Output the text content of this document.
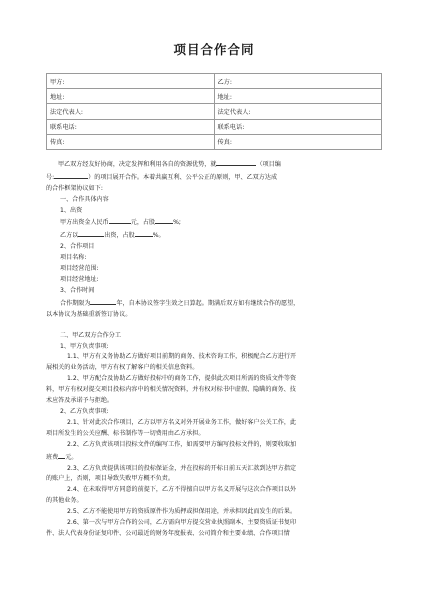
项目合作合同
甲方:	乙方:
地址:	地址:
法定代表人:	法定代表人:
联系电话:	联系电话:
传真:	传真:

甲乙双方经友好协商，决定发挥和利用各自的资源优势，就	（项目编

号:	）的项目展开合作。本着共赢互利、公平公正的原则，甲、乙双方达成

的合作框架协议如下:

一、合作具体内容

1、出资

甲方出资金人民币	元，占股	%;

乙方以	出资，占股	%。

2、合作项目

项目名称:

项目经营范围:

项目经营地址:

3、合作时间

合作期限为	年，自本协议签字生效之日算起。期满后双方如有继续合作的愿望，

以本协议为基础重新签订协议。

二、甲乙双方合作分工

1、甲方负责事项:

1.1、甲方有义务协助乙方做好项目前期的商务、技术咨询工作，积极配合乙方进行开

展相关的业务活动，甲方有权了解客户的相关信息资料。

1.2、甲方配合及协助乙方做好投标中的商务工作，提供此次项目所需的资质文件等资

料，甲方有权对提交项目投标内容中的相关情况资料，并有权对标书中虚假、隐瞒的商务、技

术应答及承诺予与拒绝。

2、乙方负责事项:

2.1、针对此次合作项目，乙方以甲方名义对外开展业务工作，做好客户公关工作，此

项目所发生的公关应酬、标书制作等一切费用由乙方承担。

2.2、乙方负责该项目投标文件的编写工作，如需要甲方编写投标文件的，则要收取加

班费 元。

2.3、乙方负责提供该项目的投标保证金，并在投标的开标日前五天汇款到达甲方指定

的账户上，否则，项目导致失败甲方概不负责。

2.4、在未取得甲方同意的前提下，乙方不得擅自以甲方名义开展与这次合作项目以外

的其他业务。

2.5、乙方不能使用甲方的资质原件作为质押或担保用途，并承担因此而发生的后果。

2.6、第一次与甲方合作的公司，乙方需向甲方提交营业执照副本、主要资质证书复印

件、法人代表身份证复印件、公司最近的财务年度报表、公司简介和主要业绩、合作项目情
